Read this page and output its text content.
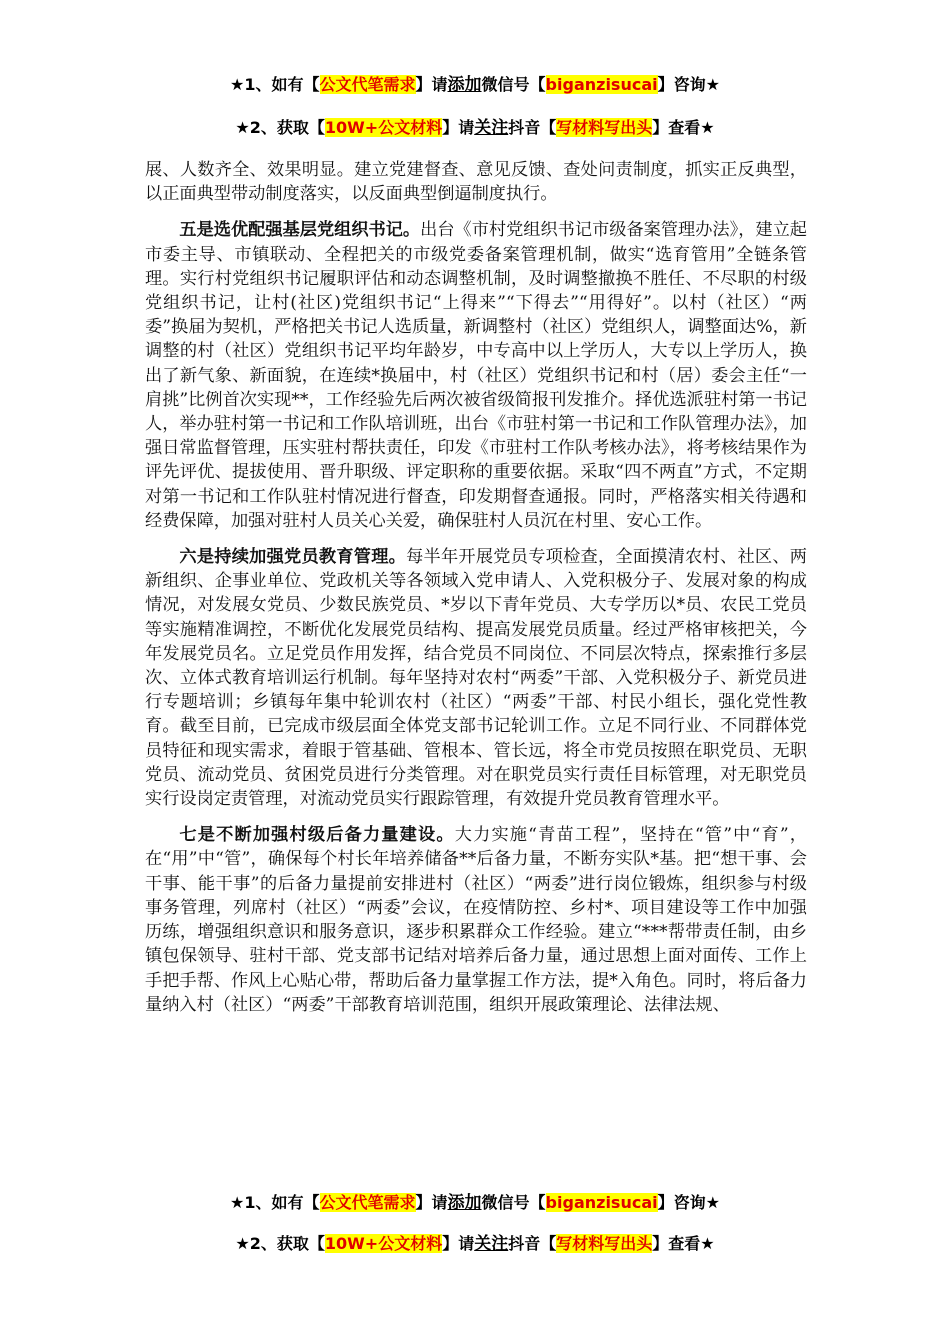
★1、如有【公文代笔需求】请添加微信号【biganzisucai】咨询★
★2、获取【10W+公文材料】请关注抖音【写材料写出头】查看★

展、人数齐全、效果明显。建立党建督查、意见反馈、查处问责制度，抓实正反典型，以正面典型带动制度落实，以反面典型倒逼制度执行。

五是选优配强基层党组织书记。出台《市村党组织书记市级备案管理办法》，建立起市委主导、市镇联动、全程把关的市级党委备案管理机制，做实“选育管用”全链条管理。实行村党组织书记履职评估和动态调整机制，及时调整撤换不胜任、不尽职的村级党组织书记，让村(社区)党组织书记“上得来”“下得去”“用得好”。以村（社区）“两委”换届为契机，严格把关书记人选质量，新调整村（社区）党组织人，调整面达%，新调整的村（社区）党组织书记平均年龄岁，中专高中以上学历人，大专以上学历人，换出了新气象、新面貌，在连续*换届中，村（社区）党组织书记和村（居）委会主任“一肩挑”比例首次实现**，工作经验先后两次被省级简报刊发推介。择优选派驻村第一书记人，举办驻村第一书记和工作队培训班，出台《市驻村第一书记和工作队管理办法》，加强日常监督管理，压实驻村帮扶责任，印发《市驻村工作队考核办法》，将考核结果作为评先评优、提拔使用、晋升职级、评定职称的重要依据。采取“四不两直”方式，不定期对第一书记和工作队驻村情况进行督查，印发期督查通报。同时，严格落实相关待遇和经费保障，加强对驻村人员关心关爱，确保驻村人员沉在村里、安心工作。

六是持续加强党员教育管理。每半年开展党员专项检查，全面摸清农村、社区、两新组织、企事业单位、党政机关等各领域入党申请人、入党积极分子、发展对象的构成情况，对发展女党员、少数民族党员、*岁以下青年党员、大专学历以*员、农民工党员等实施精准调控，不断优化发展党员结构、提高发展党员质量。经过严格审核把关，今年发展党员名。立足党员作用发挥，结合党员不同岗位、不同层次特点，探索推行多层次、立体式教育培训运行机制。每年坚持对农村“两委”干部、入党积极分子、新党员进行专题培训；乡镇每年集中轮训农村（社区）“两委”干部、村民小组长，强化党性教育。截至目前，已完成市级层面全体党支部书记轮训工作。立足不同行业、不同群体党员特征和现实需求，着眼于管基础、管根本、管长远，将全市党员按照在职党员、无职党员、流动党员、贫困党员进行分类管理。对在职党员实行责任目标管理，对无职党员实行设岗定责管理，对流动党员实行跟踪管理，有效提升党员教育管理水平。

七是不断加强村级后备力量建设。大力实施“青苗工程”，坚持在“管”中“育”，在“用”中“管”，确保每个村长年培养储备**后备力量，不断夯实队*基。把“想干事、会干事、能干事”的后备力量提前安排进村（社区）“两委”进行岗位锻炼，组织参与村级事务管理，列席村（社区）“两委”会议，在疫情防控、乡村*、项目建设等工作中加强历练，增强组织意识和服务意识，逐步积累群众工作经验。建立“***帮带责任制，由乡镇包保领导、驻村干部、党支部书记结对培养后备力量，通过思想上面对面传、工作上手把手帮、作风上心贴心带，帮助后备力量掌握工作方法，提*入角色。同时，将后备力量纳入村（社区）“两委”干部教育培训范围，组织开展政策理论、法律法规、

★1、如有【公文代笔需求】请添加微信号【biganzisucai】咨询★
★2、获取【10W+公文材料】请关注抖音【写材料写出头】查看★
